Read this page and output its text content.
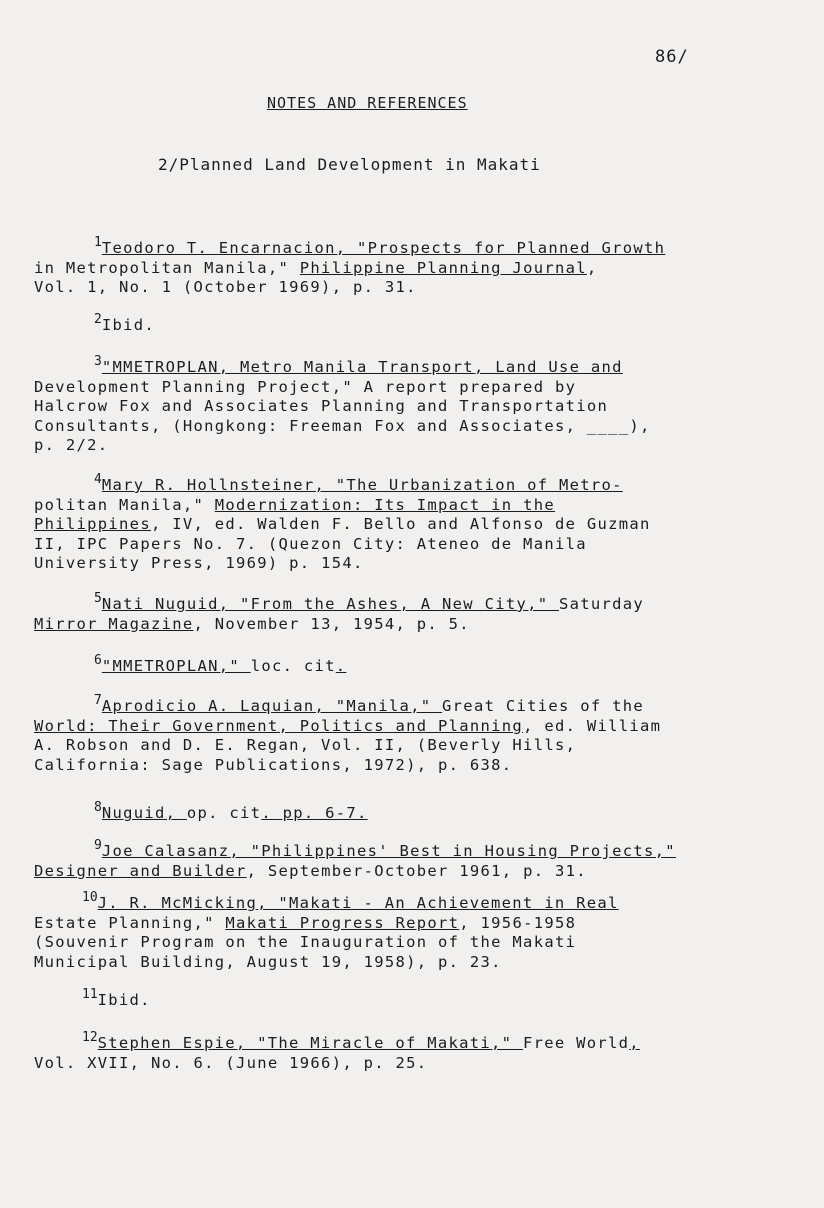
86/
NOTES AND REFERENCES
2/Planned Land Development in Makati
$^1$Teodoro T. Encarnacion, "Prospects for Planned Growth
in Metropolitan Manila," Philippine Planning Journal,
Vol. 1, No. 1 (October 1969), p. 31.
$^2$Ibid.
$^3$"MMETROPLAN, Metro Manila Transport, Land Use and
Development Planning Project," A report prepared by
Halcrow Fox and Associates Planning and Transportation
Consultants, (Hongkong: Freeman Fox and Associates, ____),
p. 2/2.
$^4$Mary R. Hollnsteiner, "The Urbanization of Metro-
politan Manila," Modernization: Its Impact in the
Philippines, IV, ed. Walden F. Bello and Alfonso de Guzman
II, IPC Papers No. 7. (Quezon City: Ateneo de Manila
University Press, 1969) p. 154.
$^5$Nati Nuguid, "From the Ashes, A New City," Saturday
Mirror Magazine, November 13, 1954, p. 5.
$^6$"MMETROPLAN," loc. cit.
$^7$Aprodicio A. Laquian, "Manila," Great Cities of the
World: Their Government, Politics and Planning, ed. William
A. Robson and D. E. Regan, Vol. II, (Beverly Hills,
California: Sage Publications, 1972), p. 638.
$^8$Nuguid, op. cit. pp. 6-7.
$^9$Joe Calasanz, "Philippines' Best in Housing Projects,"
Designer and Builder, September-October 1961, p. 31.
$^{10}$J. R. McMicking, "Makati - An Achievement in Real
Estate Planning," Makati Progress Report, 1956-1958
(Souvenir Program on the Inauguration of the Makati
Municipal Building, August 19, 1958), p. 23.
$^{11}$Ibid.
$^{12}$Stephen Espie, "The Miracle of Makati," Free World,
Vol. XVII, No. 6. (June 1966), p. 25.
